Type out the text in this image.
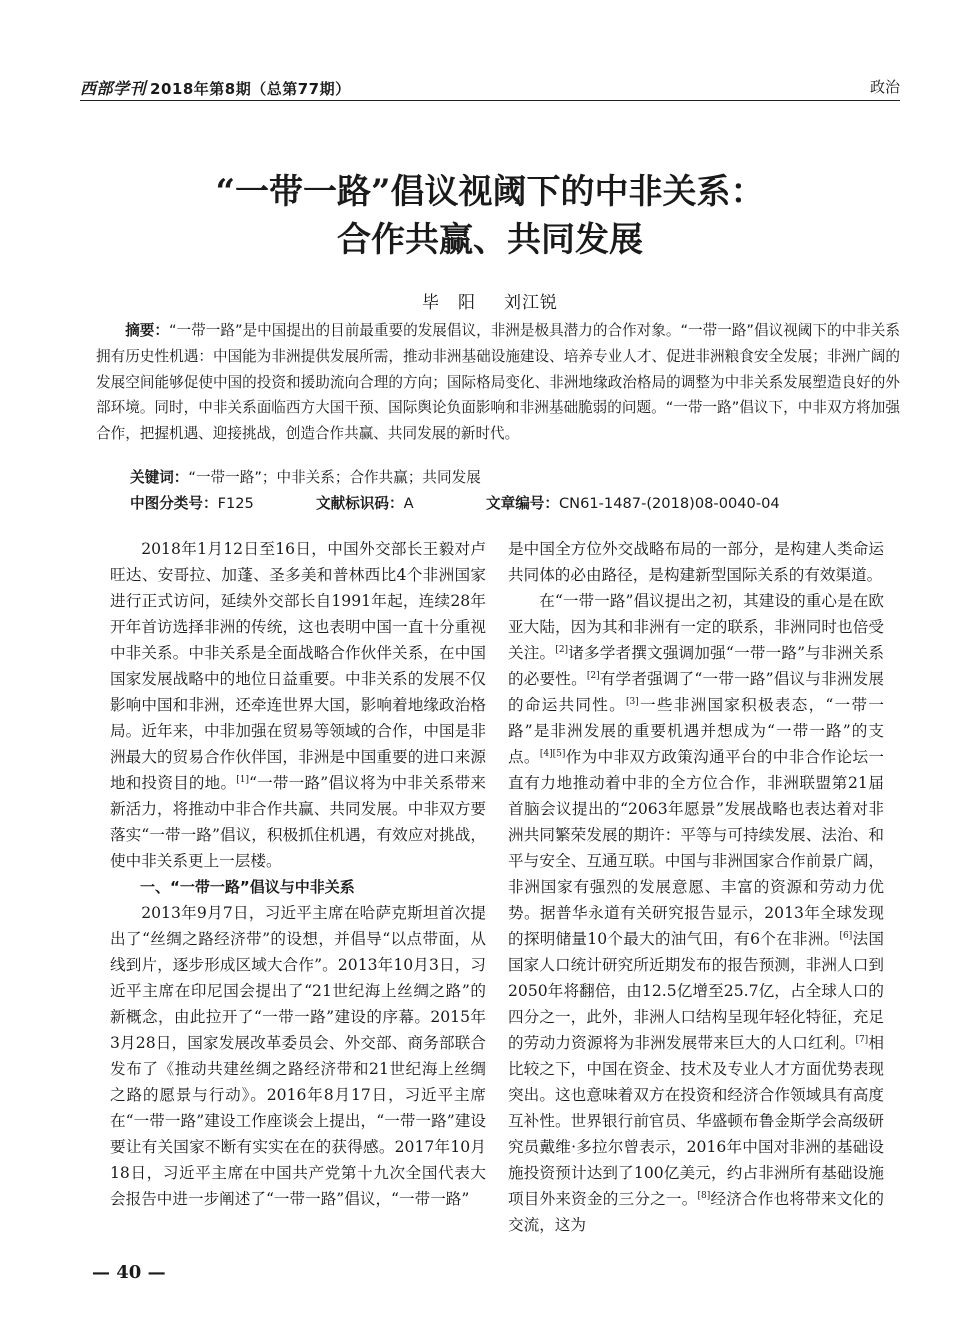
西部学刊 2018年第8期（总第77期）	政治
“一带一路”倡议视阈下的中非关系：
合作共赢、共同发展
毕　阳 刘江锐
摘要：“一带一路”是中国提出的目前最重要的发展倡议，非洲是极具潜力的合作对象。“一带一路”倡议视阈下的中非关系拥有历史性机遇：中国能为非洲提供发展所需，推动非洲基础设施建设、培养专业人才、促进非洲粮食安全发展；非洲广阔的发展空间能够促使中国的投资和援助流向合理的方向；国际格局变化、非洲地缘政治格局的调整为中非关系发展塑造良好的外部环境。同时，中非关系面临西方大国干预、国际舆论负面影响和非洲基础脆弱的问题。“一带一路”倡议下，中非双方将加强合作，把握机遇、迎接挑战，创造合作共赢、共同发展的新时代。
关键词：“一带一路”；中非关系；合作共赢；共同发展
中图分类号：F125	文献标识码：A	文章编号：CN61-1487-(2018)08-0040-04

2018年1月12日至16日，中国外交部长王毅对卢旺达、安哥拉、加蓬、圣多美和普林西比4个非洲国家进行正式访问，延续外交部长自1991年起，连续28年开年首访选择非洲的传统，这也表明中国一直十分重视中非关系。中非关系是全面战略合作伙伴关系，在中国国家发展战略中的地位日益重要。中非关系的发展不仅影响中国和非洲，还牵连世界大国，影响着地缘政治格局。近年来，中非加强在贸易等领域的合作，中国是非洲最大的贸易合作伙伴国，非洲是中国重要的进口来源地和投资目的地。[1]“一带一路”倡议将为中非关系带来新活力，将推动中非合作共赢、共同发展。中非双方要落实“一带一路”倡议，积极抓住机遇，有效应对挑战，使中非关系更上一层楼。

一、“一带一路”倡议与中非关系

2013年9月7日，习近平主席在哈萨克斯坦首次提出了“丝绸之路经济带”的设想，并倡导“以点带面，从线到片，逐步形成区域大合作”。2013年10月3日，习近平主席在印尼国会提出了“21世纪海上丝绸之路”的新概念，由此拉开了“一带一路”建设的序幕。2015年3月28日，国家发展改革委员会、外交部、商务部联合发布了《推动共建丝绸之路经济带和21世纪海上丝绸之路的愿景与行动》。2016年8月17日，习近平主席在“一带一路”建设工作座谈会上提出，“一带一路”建设要让有关国家不断有实实在在的获得感。2017年10月18日，习近平主席在中国共产党第十九次全国代表大会报告中进一步阐述了“一带一路”倡议，“一带一路”

是中国全方位外交战略布局的一部分，是构建人类命运共同体的必由路径，是构建新型国际关系的有效渠道。

在“一带一路”倡议提出之初，其建设的重心是在欧亚大陆，因为其和非洲有一定的联系，非洲同时也倍受关注。[2]诸多学者撰文强调加强“一带一路”与非洲关系的必要性。[2]有学者强调了“一带一路”倡议与非洲发展的命运共同性。[3]一些非洲国家积极表态，“一带一路”是非洲发展的重要机遇并想成为“一带一路”的支点。[4][5]作为中非双方政策沟通平台的中非合作论坛一直有力地推动着中非的全方位合作，非洲联盟第21届首脑会议提出的“2063年愿景”发展战略也表达着对非洲共同繁荣发展的期许：平等与可持续发展、法治、和平与安全、互通互联。中国与非洲国家合作前景广阔，非洲国家有强烈的发展意愿、丰富的资源和劳动力优势。据普华永道有关研究报告显示，2013年全球发现的探明储量10个最大的油气田，有6个在非洲。[6]法国国家人口统计研究所近期发布的报告预测，非洲人口到2050年将翻倍，由12.5亿增至25.7亿，占全球人口的四分之一，此外，非洲人口结构呈现年轻化特征，充足的劳动力资源将为非洲发展带来巨大的人口红利。[7]相比较之下，中国在资金、技术及专业人才方面优势表现突出。这也意味着双方在投资和经济合作领域具有高度互补性。世界银行前官员、华盛顿布鲁金斯学会高级研究员戴维·多拉尔曾表示，2016年中国对非洲的基础设施投资预计达到了100亿美元，约占非洲所有基础设施项目外来资金的三分之一。[8]经济合作也将带来文化的交流，这为

— 40 —
